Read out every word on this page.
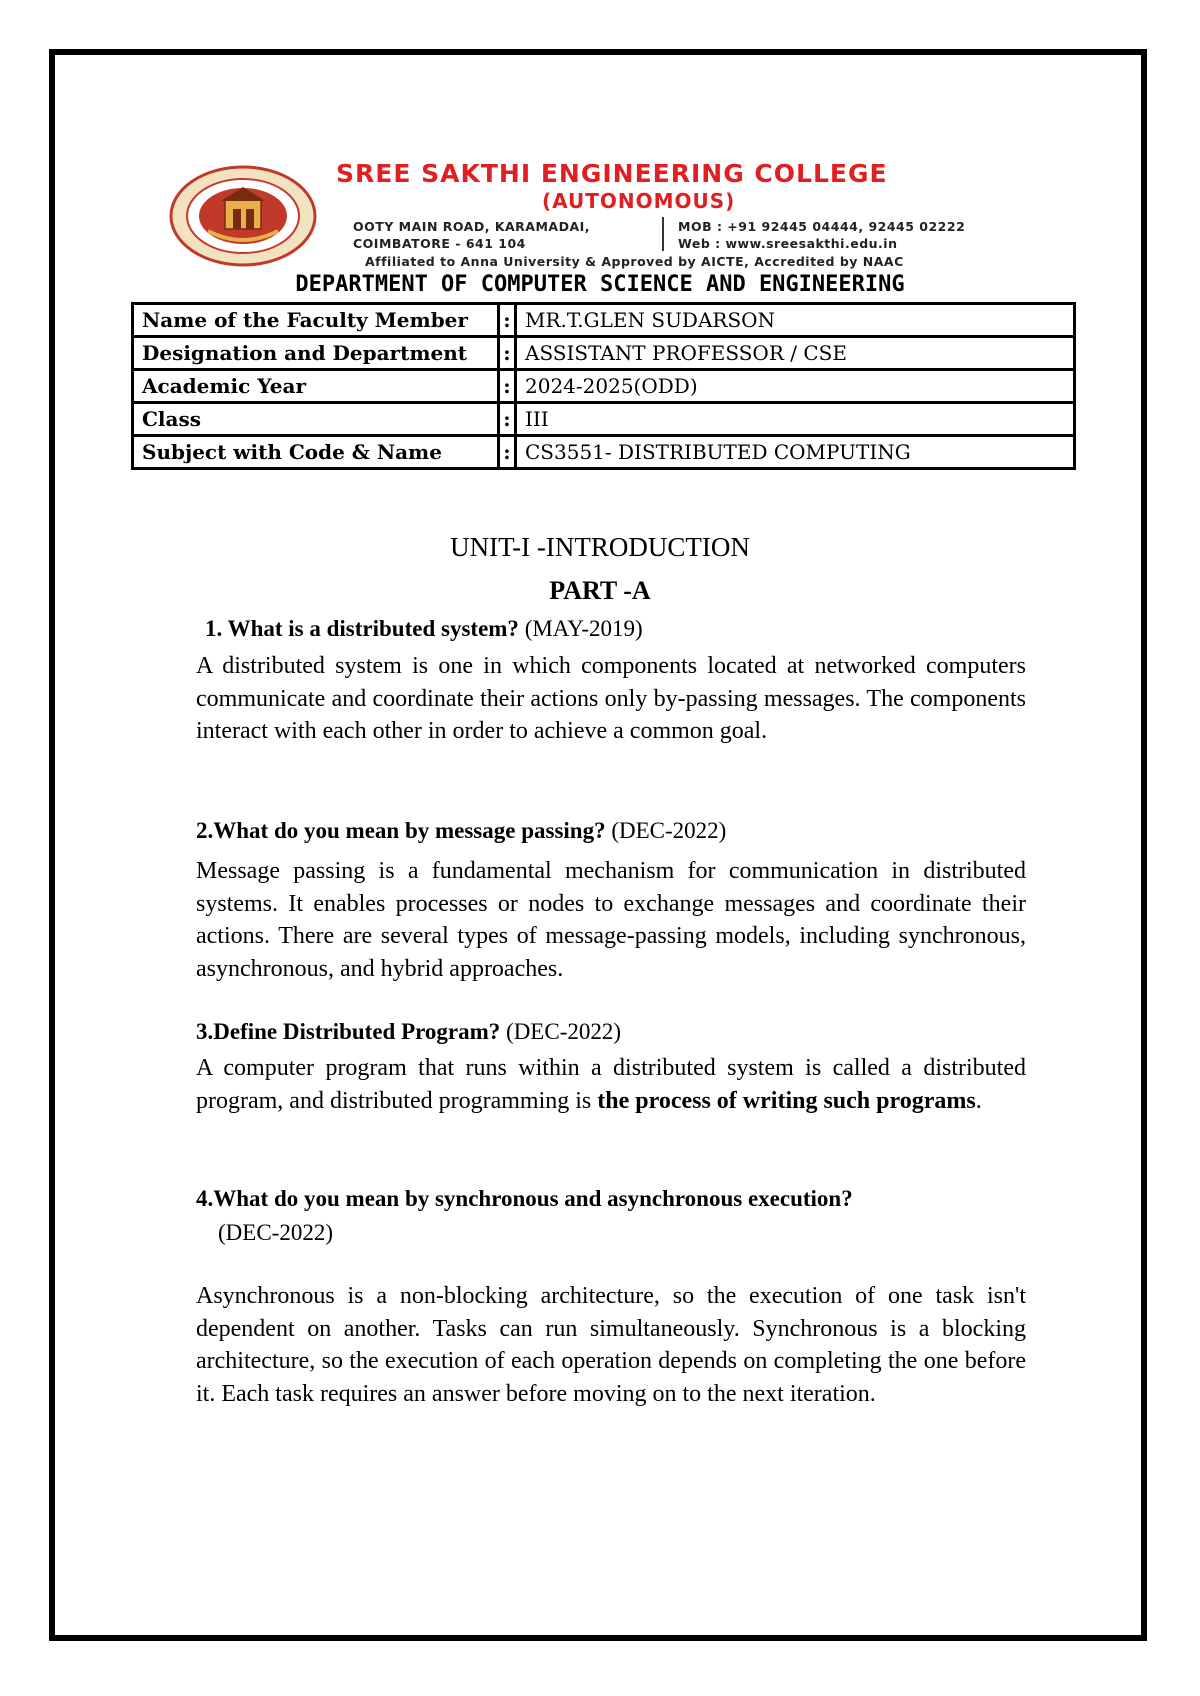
SREE SAKTHI ENGINEERING COLLEGE
(AUTONOMOUS)
OOTY MAIN ROAD, KARAMADAI,
COIMBATORE - 641 104
MOB : +91 92445 04444, 92445 02222
Web : www.sreesakthi.edu.in
Affiliated to Anna University & Approved by AICTE, Accredited by NAAC
DEPARTMENT OF COMPUTER SCIENCE AND ENGINEERING
Name of the Faculty Member	:	MR.T.GLEN SUDARSON
Designation and Department	:	ASSISTANT PROFESSOR / CSE
Academic Year	:	2024-2025(ODD)
Class	:	III
Subject with Code & Name	:	CS3551- DISTRIBUTED COMPUTING
UNIT-I -INTRODUCTION
PART -A
1. What is a distributed system? (MAY-2019)
A distributed system is one in which components located at networked computers communicate and coordinate their actions only by-passing messages. The components interact with each other in order to achieve a common goal.
2.What do you mean by message passing? (DEC-2022)
Message passing is a fundamental mechanism for communication in distributed systems. It enables processes or nodes to exchange messages and coordinate their actions. There are several types of message-passing models, including synchronous, asynchronous, and hybrid approaches.
3.Define Distributed Program? (DEC-2022)
A computer program that runs within a distributed system is called a distributed program, and distributed programming is the process of writing such programs.
4.What do you mean by synchronous and asynchronous execution?
(DEC-2022)
Asynchronous is a non-blocking architecture, so the execution of one task isn't dependent on another. Tasks can run simultaneously. Synchronous is a blocking architecture, so the execution of each operation depends on completing the one before it. Each task requires an answer before moving on to the next iteration.
